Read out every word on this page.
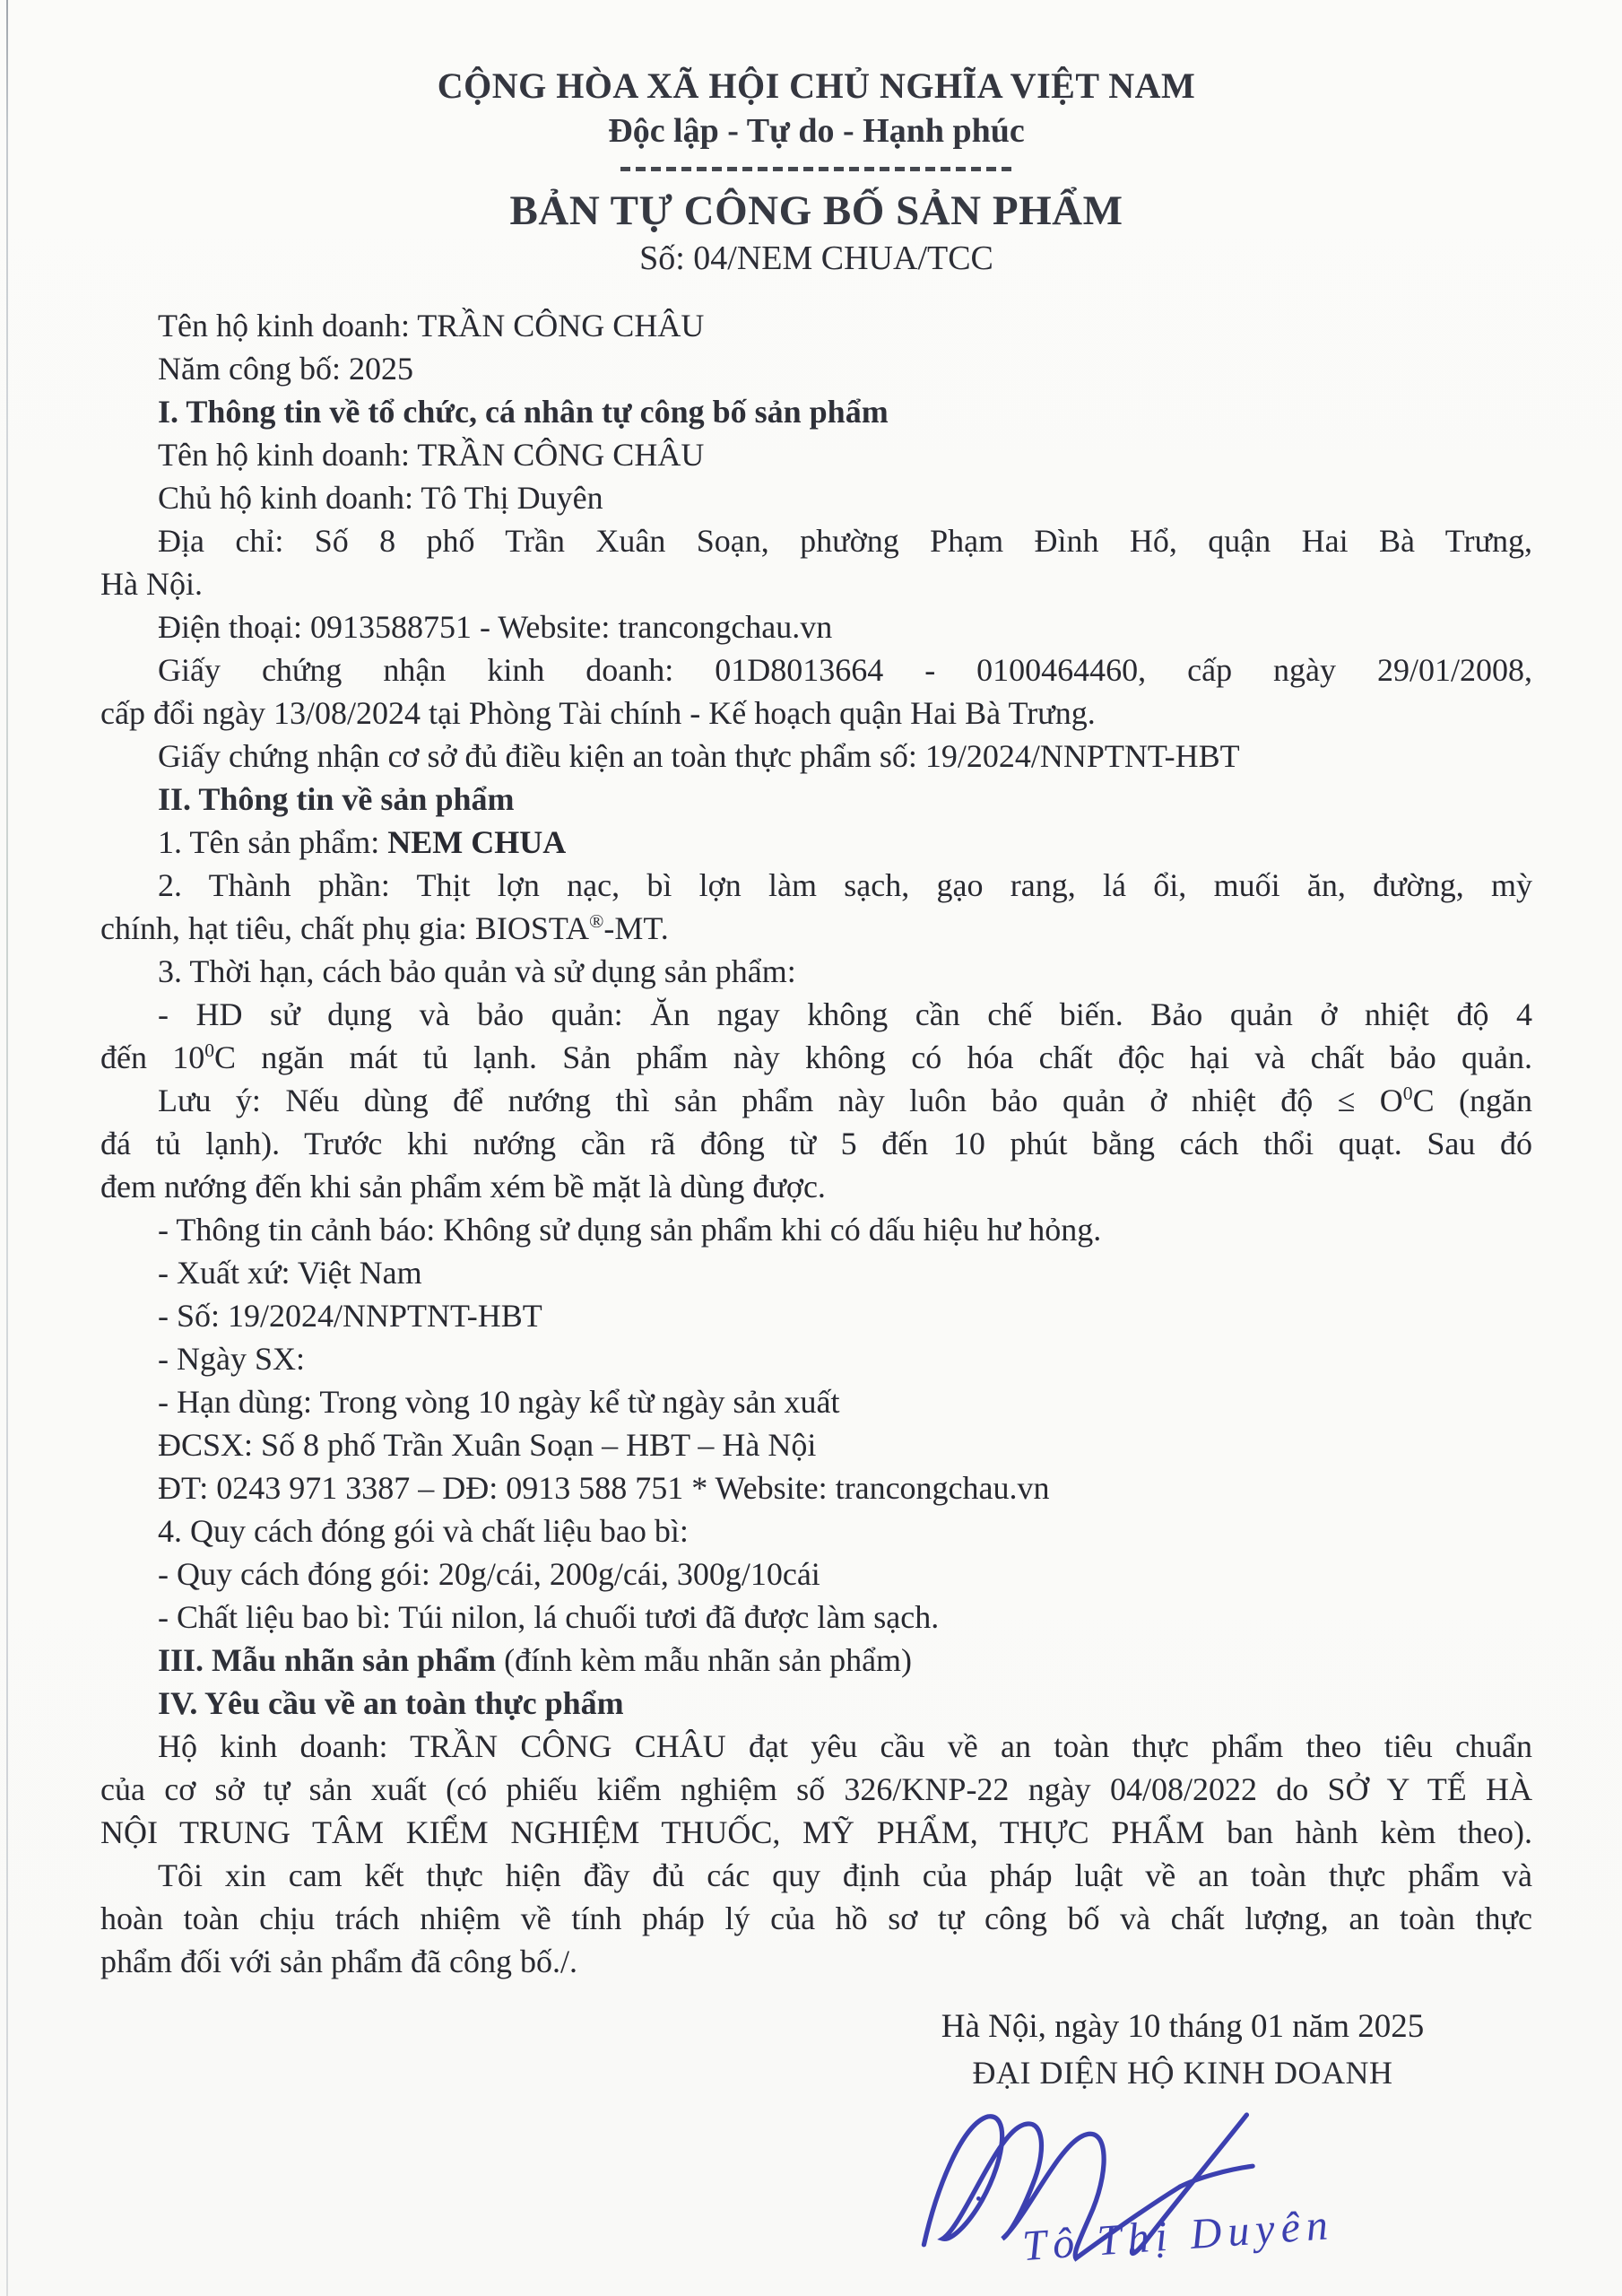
CỘNG HÒA XÃ HỘI CHỦ NGHĨA VIỆT NAM
Độc lập - Tự do - Hạnh phúc
BẢN TỰ CÔNG BỐ SẢN PHẨM
Số: 04/NEM CHUA/TCC

Tên hộ kinh doanh: TRẦN CÔNG CHÂU

Năm công bố: 2025

I. Thông tin về tổ chức, cá nhân tự công bố sản phẩm

Tên hộ kinh doanh: TRẦN CÔNG CHÂU

Chủ hộ kinh doanh: Tô Thị Duyên

Địa chỉ: Số 8 phố Trần Xuân Soạn, phường Phạm Đình Hổ, quận Hai Bà Trưng,

Hà Nội.

Điện thoại: 0913588751 - Website: trancongchau.vn

Giấy chứng nhận kinh doanh: 01D8013664 - 0100464460, cấp ngày 29/01/2008,

cấp đổi ngày 13/08/2024 tại Phòng Tài chính - Kế hoạch quận Hai Bà Trưng.

Giấy chứng nhận cơ sở đủ điều kiện an toàn thực phẩm số: 19/2024/NNPTNT-HBT

II. Thông tin về sản phẩm

1. Tên sản phẩm: NEM CHUA

2. Thành phần: Thịt lợn nạc, bì lợn làm sạch, gạo rang, lá ổi, muối ăn, đường, mỳ

chính, hạt tiêu, chất phụ gia: BIOSTA®-MT.

3. Thời hạn, cách bảo quản và sử dụng sản phẩm:

- HD sử dụng và bảo quản: Ăn ngay không cần chế biến. Bảo quản ở nhiệt độ 4

đến $10^0C$ ngăn mát tủ lạnh. Sản phẩm này không có hóa chất độc hại và chất bảo quản.

Lưu ý: Nếu dùng để nướng thì sản phẩm này luôn bảo quản ở nhiệt độ ≤ $O^0C$ (ngăn

đá tủ lạnh). Trước khi nướng cần rã đông từ 5 đến 10 phút bằng cách thổi quạt. Sau đó

đem nướng đến khi sản phẩm xém bề mặt là dùng được.

- Thông tin cảnh báo: Không sử dụng sản phẩm khi có dấu hiệu hư hỏng.

- Xuất xứ: Việt Nam

- Số: 19/2024/NNPTNT-HBT

- Ngày SX:

- Hạn dùng: Trong vòng 10 ngày kể từ ngày sản xuất

ĐCSX: Số 8 phố Trần Xuân Soạn – HBT – Hà Nội

ĐT: 0243 971 3387 – DĐ: 0913 588 751 * Website: trancongchau.vn

4. Quy cách đóng gói và chất liệu bao bì:

- Quy cách đóng gói: 20g/cái, 200g/cái, 300g/10cái

- Chất liệu bao bì: Túi nilon, lá chuối tươi đã được làm sạch.

III. Mẫu nhãn sản phẩm (đính kèm mẫu nhãn sản phẩm)

IV. Yêu cầu về an toàn thực phẩm

Hộ kinh doanh: TRẦN CÔNG CHÂU đạt yêu cầu về an toàn thực phẩm theo tiêu chuẩn

của cơ sở tự sản xuất (có phiếu kiểm nghiệm số 326/KNP-22 ngày 04/08/2022 do SỞ Y TẾ HÀ

NỘI TRUNG TÂM KIỂM NGHIỆM THUỐC, MỸ PHẨM, THỰC PHẨM ban hành kèm theo).

Tôi xin cam kết thực hiện đầy đủ các quy định của pháp luật về an toàn thực phẩm và

hoàn toàn chịu trách nhiệm về tính pháp lý của hồ sơ tự công bố và chất lượng, an toàn thực

phẩm đối với sản phẩm đã công bố./.

Hà Nội, ngày 10 tháng 01 năm 2025

ĐẠI DIỆN HỘ KINH DOANH

Tô Thị Duyên
